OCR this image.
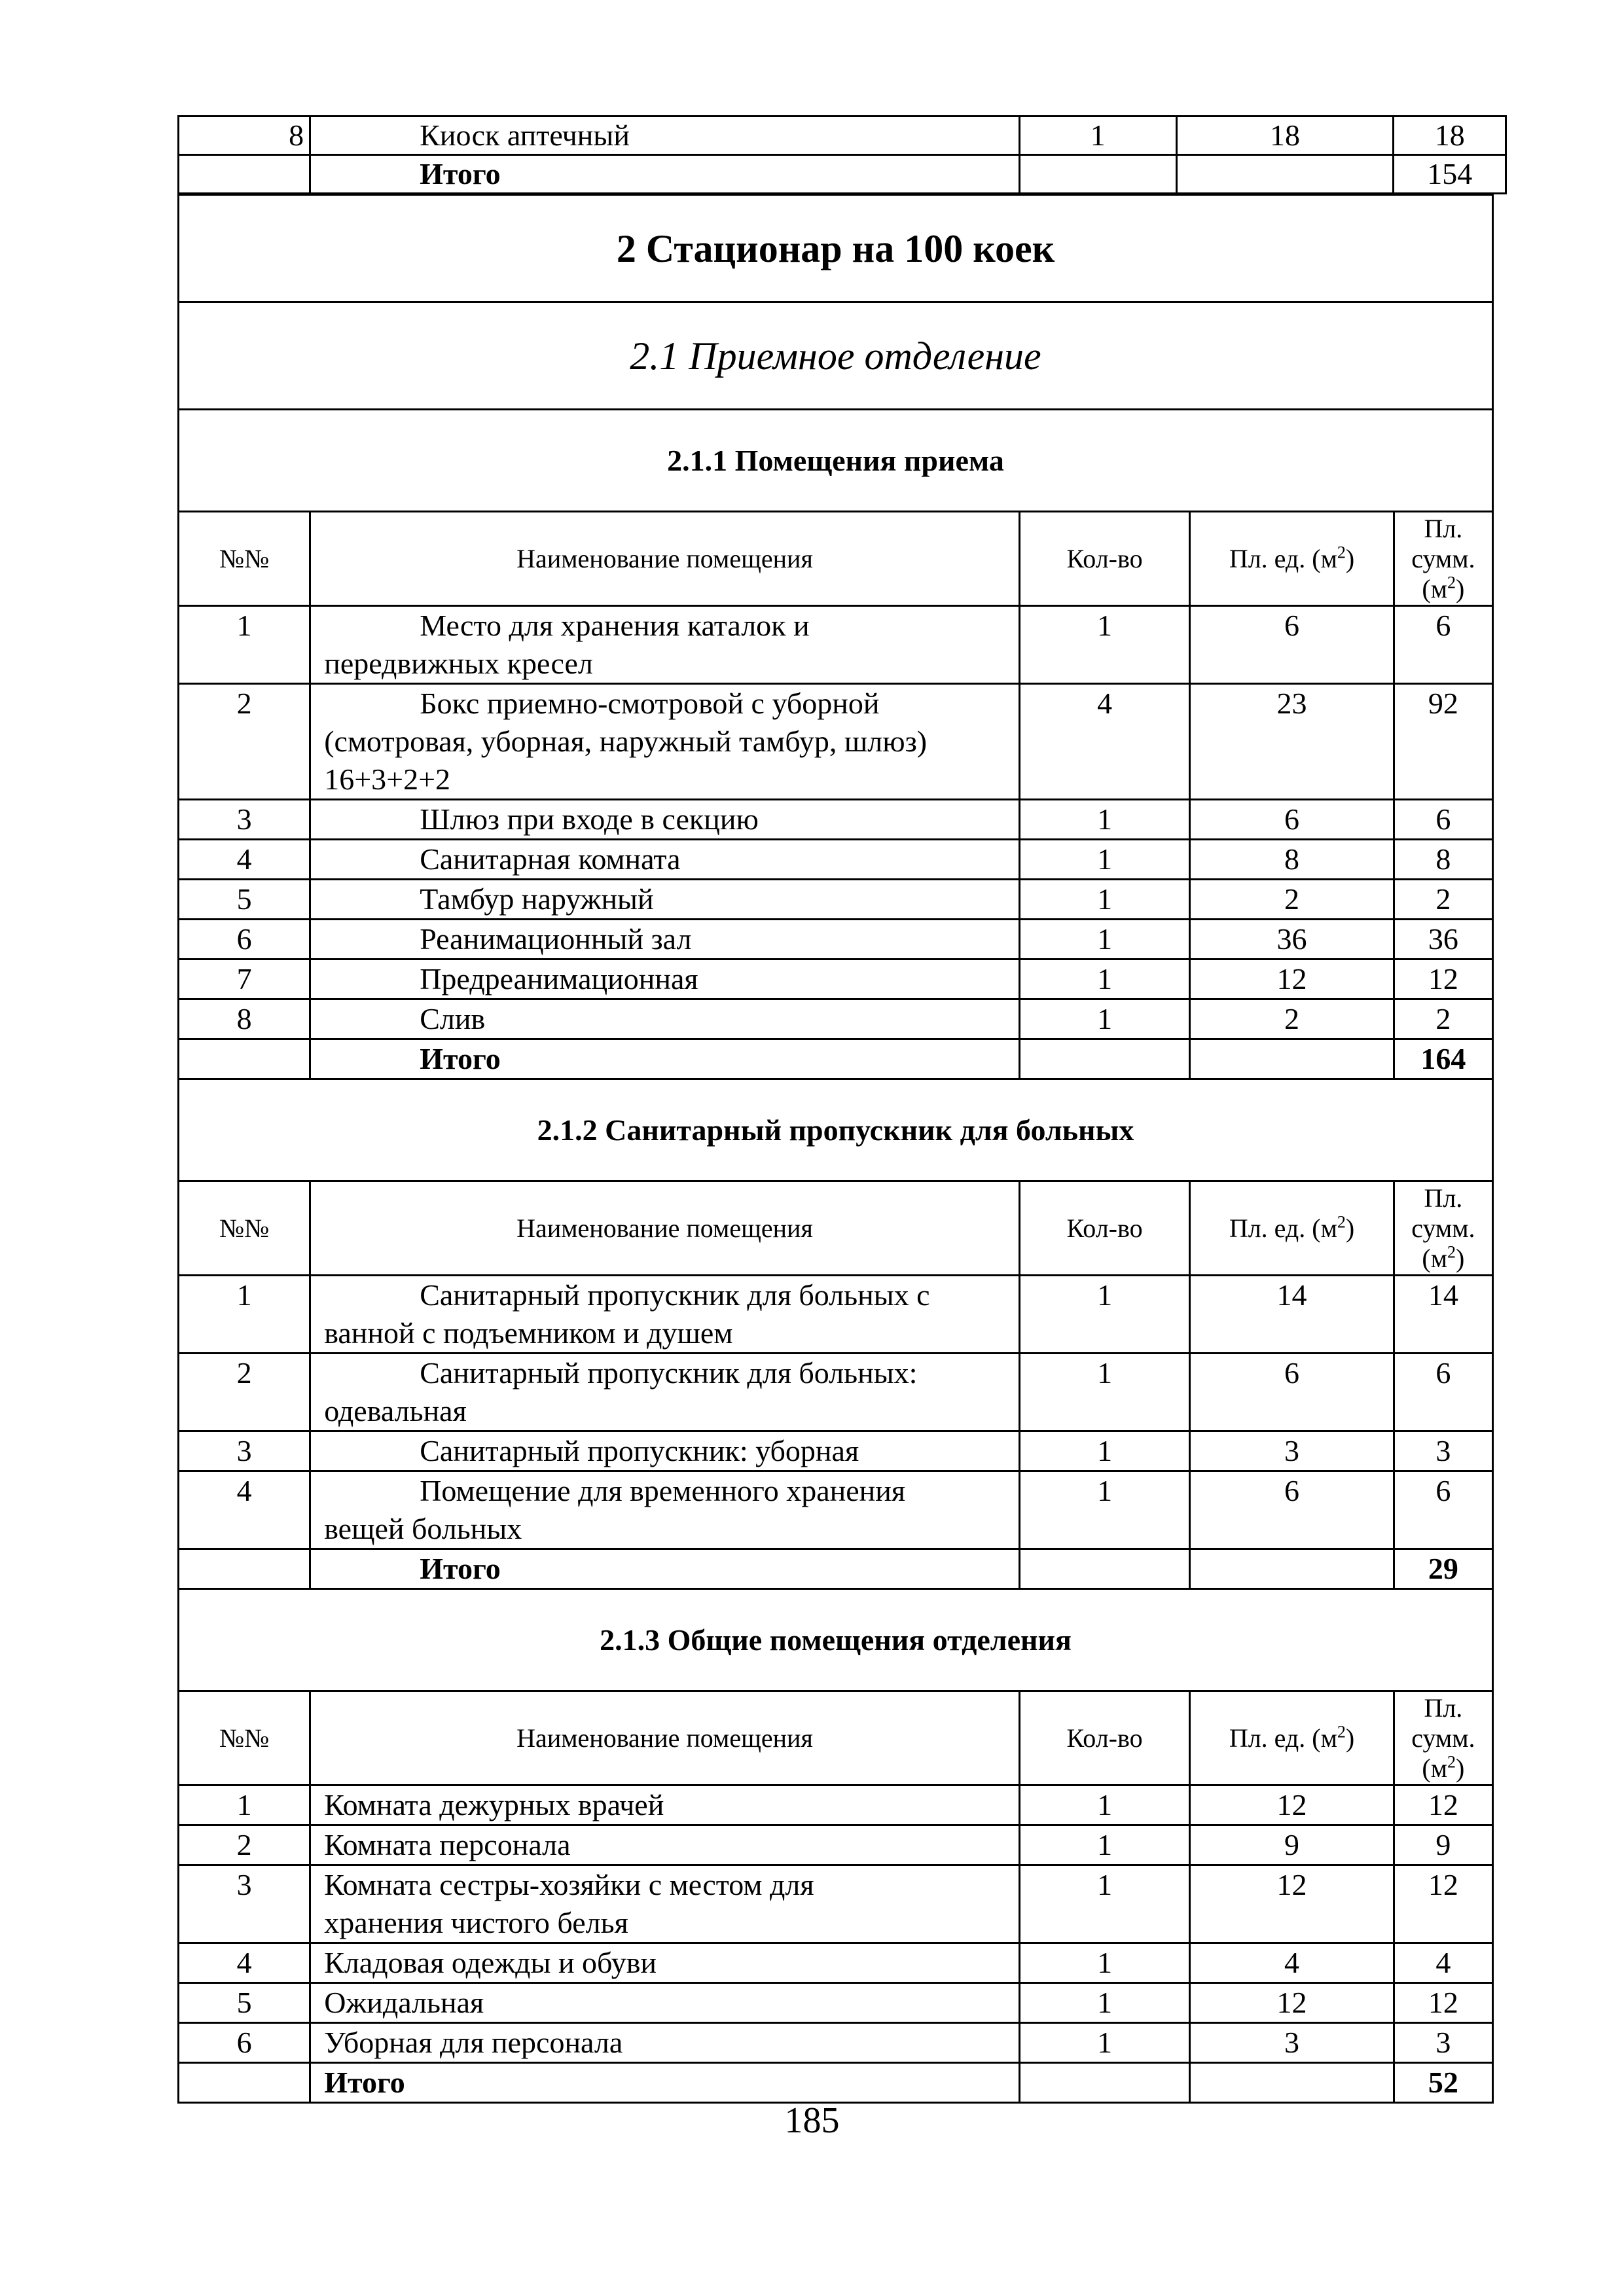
8	Киоск аптечный	1	18	18
	Итого			154
2 Стационар на 100 коек				
2.1 Приемное отделение				
2.1.1 Помещения приема				
№№	Наименование помещения	Кол-во	Пл. ед. $(м^2)$	Пл.
сумм.
$(м^2)$
1	Место для хранения каталок и
передвижных кресел	1	6	6
2	Бокс приемно-смотровой с уборной
(смотровая, уборная, наружный тамбур, шлюз)
16+3+2+2	4	23	92
3	Шлюз при входе в секцию	1	6	6
4	Санитарная комната	1	8	8
5	Тамбур наружный	1	2	2
6	Реанимационный зал	1	36	36
7	Предреанимационная	1	12	12
8	Слив	1	2	2
	Итого			164
2.1.2 Санитарный пропускник для больных				
№№	Наименование помещения	Кол-во	Пл. ед. $(м^2)$	Пл.
сумм.
$(м^2)$
1	Санитарный пропускник для больных с
ванной с подъемником и душем	1	14	14
2	Санитарный пропускник для больных:
одевальная	1	6	6
3	Санитарный пропускник: уборная	1	3	3
4	Помещение для временного хранения
вещей больных	1	6	6
	Итого			29
2.1.3 Общие помещения отделения				
№№	Наименование помещения	Кол-во	Пл. ед. $(м^2)$	Пл.
сумм.
$(м^2)$
1	Комната дежурных врачей	1	12	12
2	Комната персонала	1	9	9
3	Комната сестры-хозяйки с местом для
хранения чистого белья	1	12	12
4	Кладовая одежды и обуви	1	4	4
5	Ожидальная	1	12	12
6	Уборная для персонала	1	3	3
	Итого			52
185
